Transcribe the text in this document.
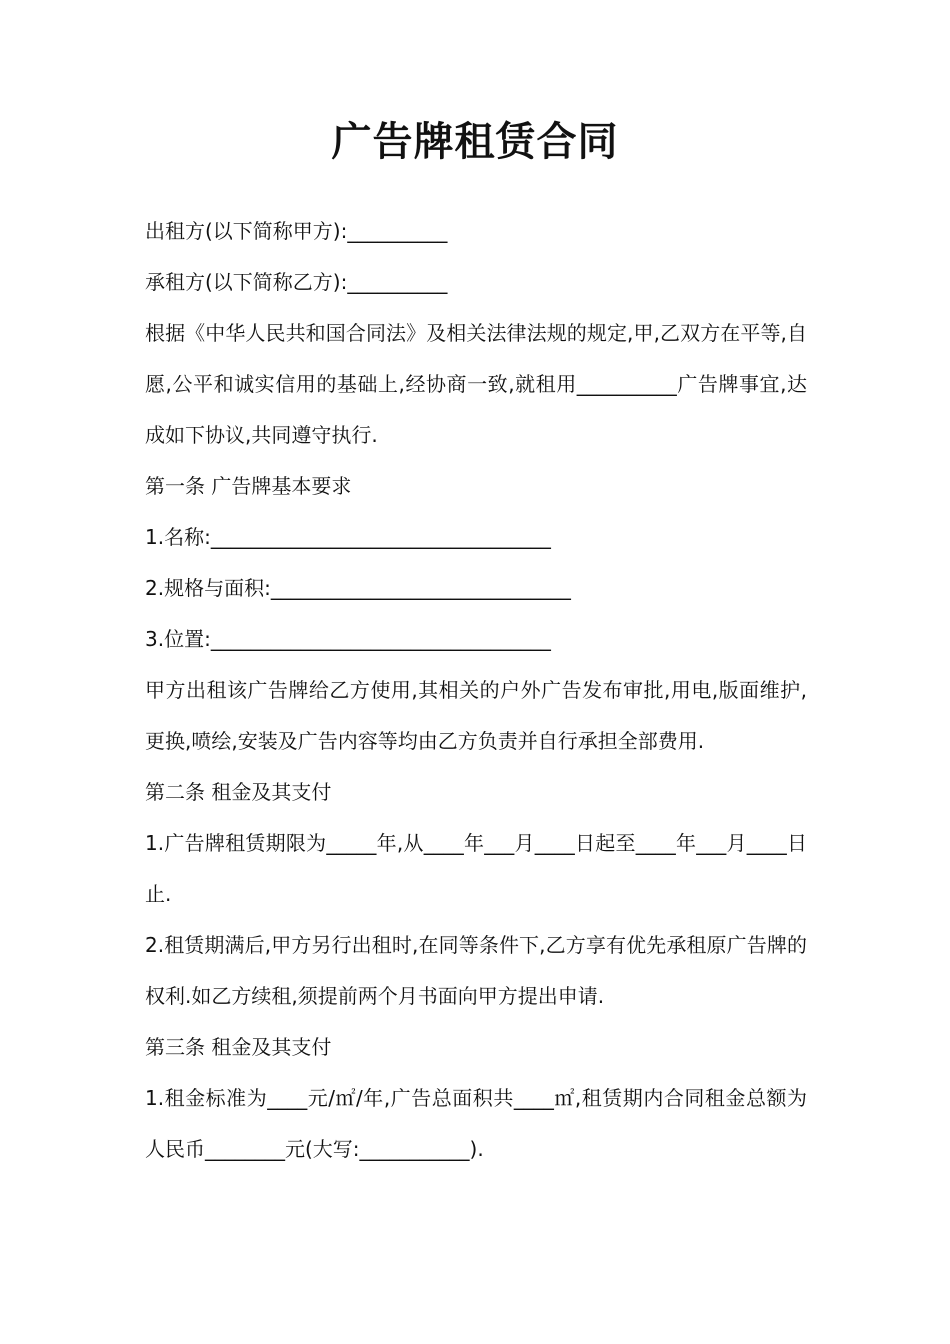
广告牌租赁合同
出租方(以下简称甲方):__________
承租方(以下简称乙方):__________
根据《中华人民共和国合同法》及相关法律法规的规定,甲,乙双方在平等,自愿,公平和诚实信用的基础上,经协商一致,就租用__________广告牌事宜,达成如下协议,共同遵守执行.
第一条 广告牌基本要求
1.名称:__________________________________
2.规格与面积:______________________________
3.位置:__________________________________
甲方出租该广告牌给乙方使用,其相关的户外广告发布审批,用电,版面维护,更换,喷绘,安装及广告内容等均由乙方负责并自行承担全部费用.
第二条 租金及其支付
1.广告牌租赁期限为_____年,从____年___月____日起至____年___月____日止.
2.租赁期满后,甲方另行出租时,在同等条件下,乙方享有优先承租原广告牌的权利.如乙方续租,须提前两个月书面向甲方提出申请.
第三条 租金及其支付
1.租金标准为____元/㎡/年,广告总面积共____㎡,租赁期内合同租金总额为人民币________元(大写:___________).
